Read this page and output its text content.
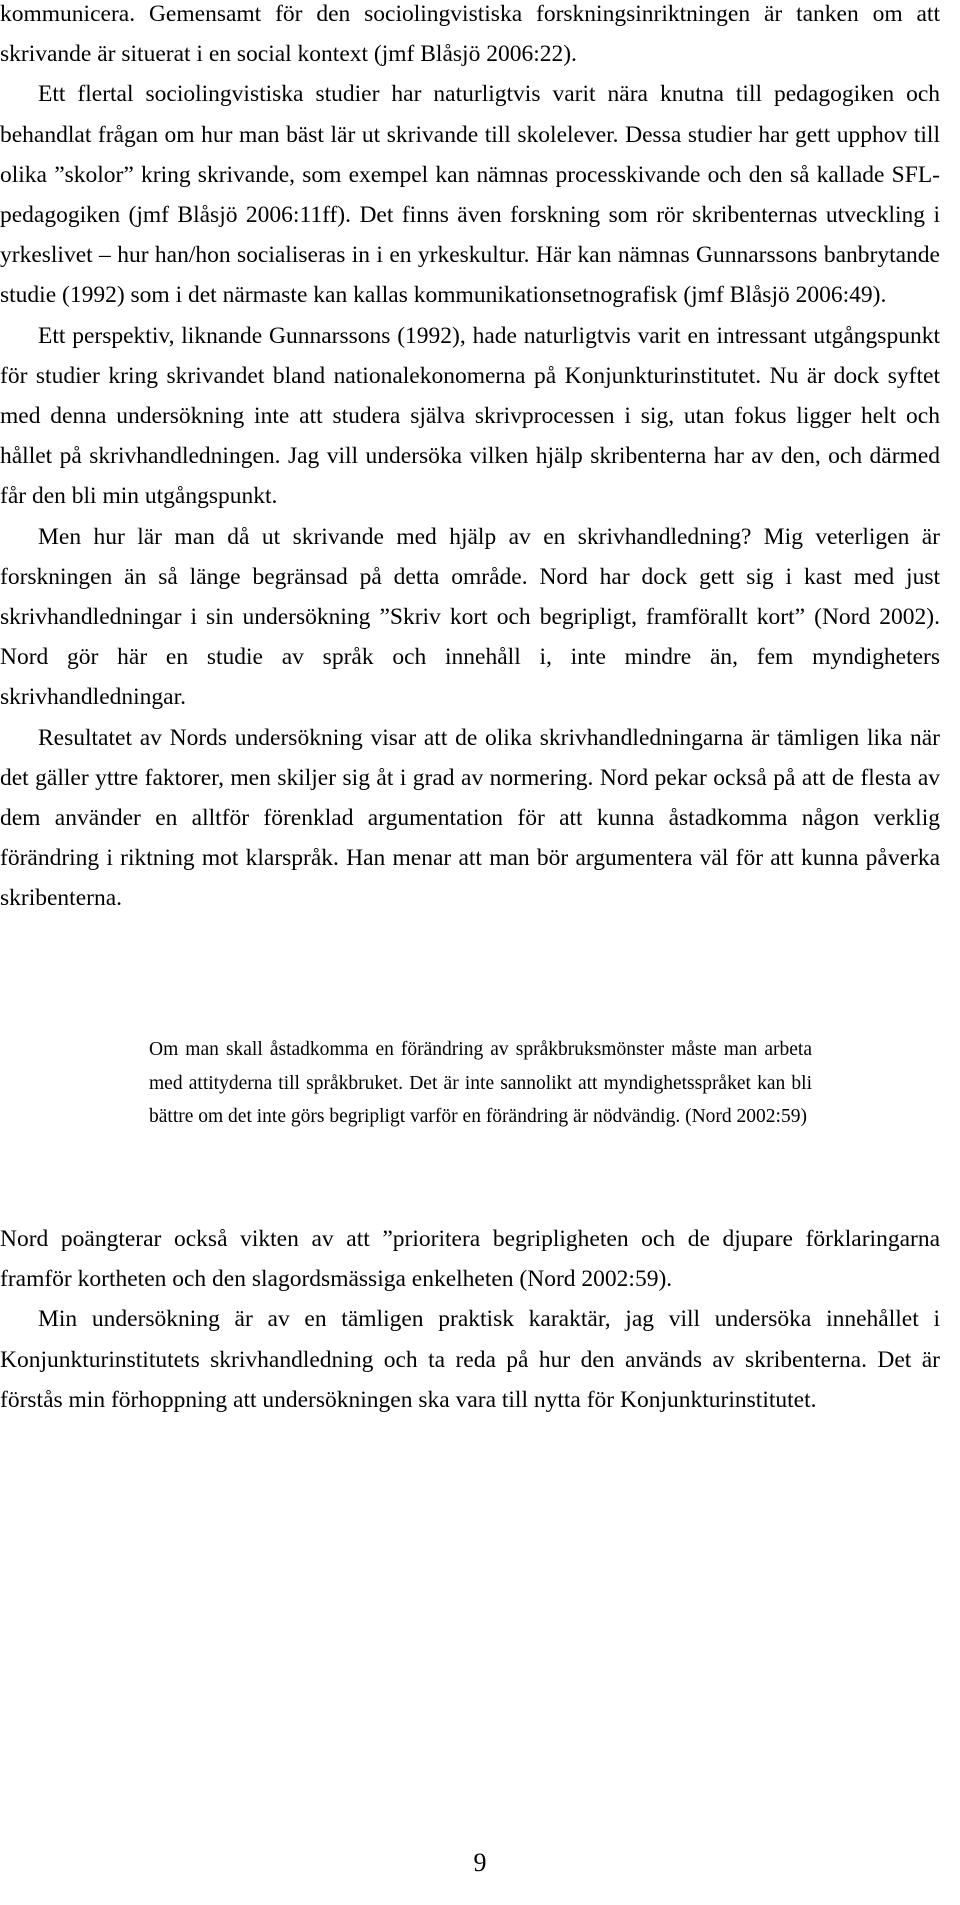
kommunicera. Gemensamt för den sociolingvistiska forskningsinriktningen är tanken om att skrivande är situerat i en social kontext (jmf Blåsjö 2006:22).

Ett flertal sociolingvistiska studier har naturligtvis varit nära knutna till pedagogiken och behandlat frågan om hur man bäst lär ut skrivande till skolelever. Dessa studier har gett upphov till olika ”skolor” kring skrivande, som exempel kan nämnas processkivande och den så kallade SFL-pedagogiken (jmf Blåsjö 2006:11ff). Det finns även forskning som rör skribenternas utveckling i yrkeslivet – hur han/hon socialiseras in i en yrkeskultur. Här kan nämnas Gunnarssons banbrytande studie (1992) som i det närmaste kan kallas kommunikationsetnografisk (jmf Blåsjö 2006:49).

Ett perspektiv, liknande Gunnarssons (1992), hade naturligtvis varit en intressant utgångspunkt för studier kring skrivandet bland nationalekonomerna på Konjunkturinstitutet. Nu är dock syftet med denna undersökning inte att studera själva skrivprocessen i sig, utan fokus ligger helt och hållet på skrivhandledningen. Jag vill undersöka vilken hjälp skribenterna har av den, och därmed får den bli min utgångspunkt.

Men hur lär man då ut skrivande med hjälp av en skrivhandledning? Mig veterligen är forskningen än så länge begränsad på detta område. Nord har dock gett sig i kast med just skrivhandledningar i sin undersökning ”Skriv kort och begripligt, framförallt kort” (Nord 2002). Nord gör här en studie av språk och innehåll i, inte mindre än, fem myndigheters skrivhandledningar.

Resultatet av Nords undersökning visar att de olika skrivhandledningarna är tämligen lika när det gäller yttre faktorer, men skiljer sig åt i grad av normering. Nord pekar också på att de flesta av dem använder en alltför förenklad argumentation för att kunna åstadkomma någon verklig förändring i riktning mot klarspråk. Han menar att man bör argumentera väl för att kunna påverka skribenterna.

Om man skall åstadkomma en förändring av språkbruksmönster måste man arbeta med attityderna till språkbruket. Det är inte sannolikt att myndighetsspråket kan bli bättre om det inte görs begripligt varför en förändring är nödvändig. (Nord 2002:59)

Nord poängterar också vikten av att ”prioritera begripligheten och de djupare förklaringarna framför kortheten och den slagordsmässiga enkelheten (Nord 2002:59).

Min undersökning är av en tämligen praktisk karaktär, jag vill undersöka innehållet i Konjunkturinstitutets skrivhandledning och ta reda på hur den används av skribenterna. Det är förstås min förhoppning att undersökningen ska vara till nytta för Konjunkturinstitutet.

9
